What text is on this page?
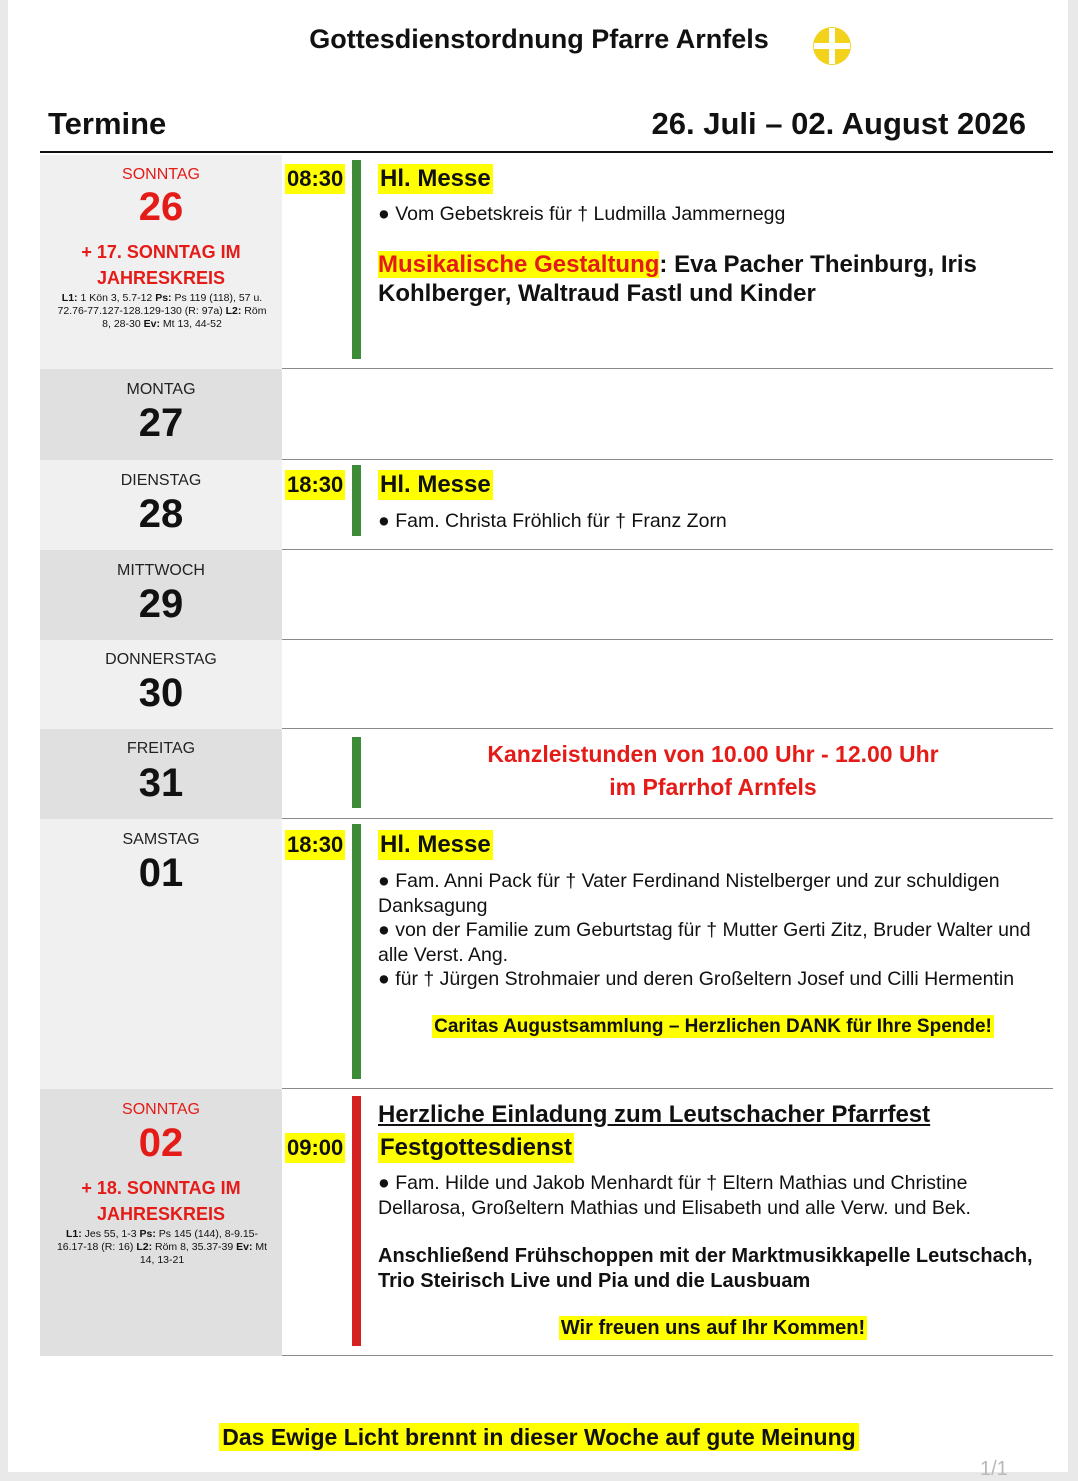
Gottesdienstordnung Pfarre Arnfels
Termine	26. Juli – 02. August 2026
SONNTAG
26
+ 17. SONNTAG IM
JAHRESKREIS
L1: 1 Kön 3, 5.7-12 Ps: Ps 119 (118), 57 u.
72.76-77.127-128.129-130 (R: 97a) L2: Röm
8, 28-30 Ev: Mt 13, 44-52
08:30 Hl. Messe
● Vom Gebetskreis für † Ludmilla Jammernegg
Musikalische Gestaltung: Eva Pacher Theinburg, Iris Kohlberger, Waltraud Fastl und Kinder
MONTAG
27
DIENSTAG
28
18:30 Hl. Messe
● Fam. Christa Fröhlich für † Franz Zorn
MITTWOCH
29
DONNERSTAG
30
FREITAG
31
Kanzleistunden von 10.00 Uhr - 12.00 Uhr
im Pfarrhof Arnfels
SAMSTAG
01
18:30 Hl. Messe
● Fam. Anni Pack für † Vater Ferdinand Nistelberger und zur schuldigen Danksagung
● von der Familie zum Geburtstag für † Mutter Gerti Zitz, Bruder Walter und alle Verst. Ang.
● für † Jürgen Strohmaier und deren Großeltern Josef und Cilli Hermentin
Caritas Augustsammlung – Herzlichen DANK für Ihre Spende!
SONNTAG
02
+ 18. SONNTAG IM
JAHRESKREIS
L1: Jes 55, 1-3 Ps: Ps 145 (144), 8-9.15-
16.17-18 (R: 16) L2: Röm 8, 35.37-39 Ev: Mt
14, 13-21
09:00
Herzliche Einladung zum Leutschacher Pfarrfest
Festgottesdienst
● Fam. Hilde und Jakob Menhardt für † Eltern Mathias und Christine Dellarosa, Großeltern Mathias und Elisabeth und alle Verw. und Bek.
Anschließend Frühschoppen mit der Marktmusikkapelle Leutschach, Trio Steirisch Live und Pia und die Lausbuam
Wir freuen uns auf Ihr Kommen!
Das Ewige Licht brennt in dieser Woche auf gute Meinung
1/1
